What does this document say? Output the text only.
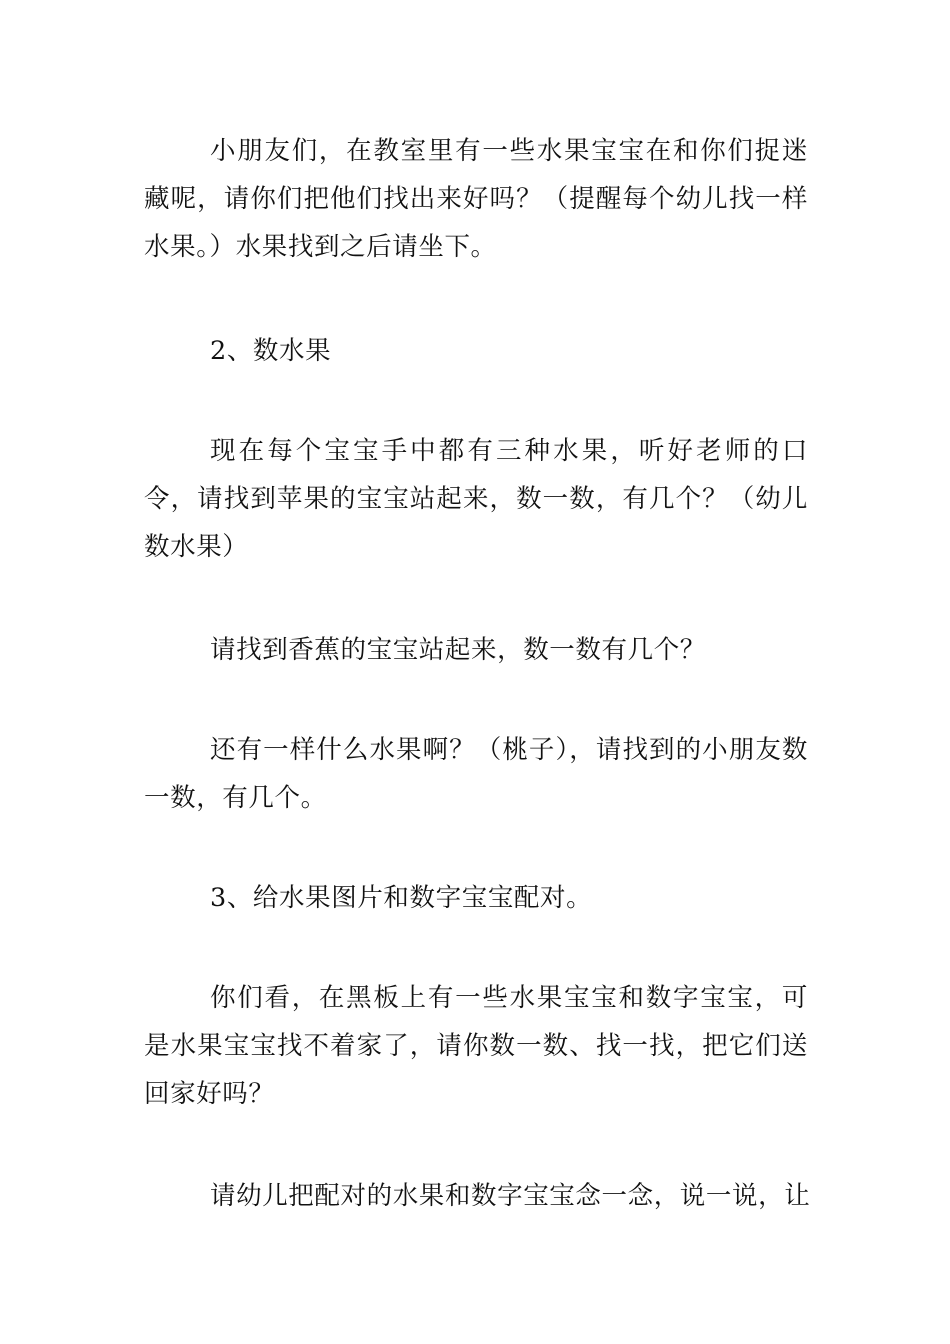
小朋友们，在教室里有一些水果宝宝在和你们捉迷藏呢，请你们把他们找出来好吗？（提醒每个幼儿找一样水果。）水果找到之后请坐下。

2、数水果

现在每个宝宝手中都有三种水果，听好老师的口令，请找到苹果的宝宝站起来，数一数，有几个？（幼儿数水果）

请找到香蕉的宝宝站起来，数一数有几个？

还有一样什么水果啊？（桃子），请找到的小朋友数一数，有几个。

3、给水果图片和数字宝宝配对。

你们看，在黑板上有一些水果宝宝和数字宝宝，可是水果宝宝找不着家了，请你数一数、找一找，把它们送回家好吗？

请幼儿把配对的水果和数字宝宝念一念，说一说，让
